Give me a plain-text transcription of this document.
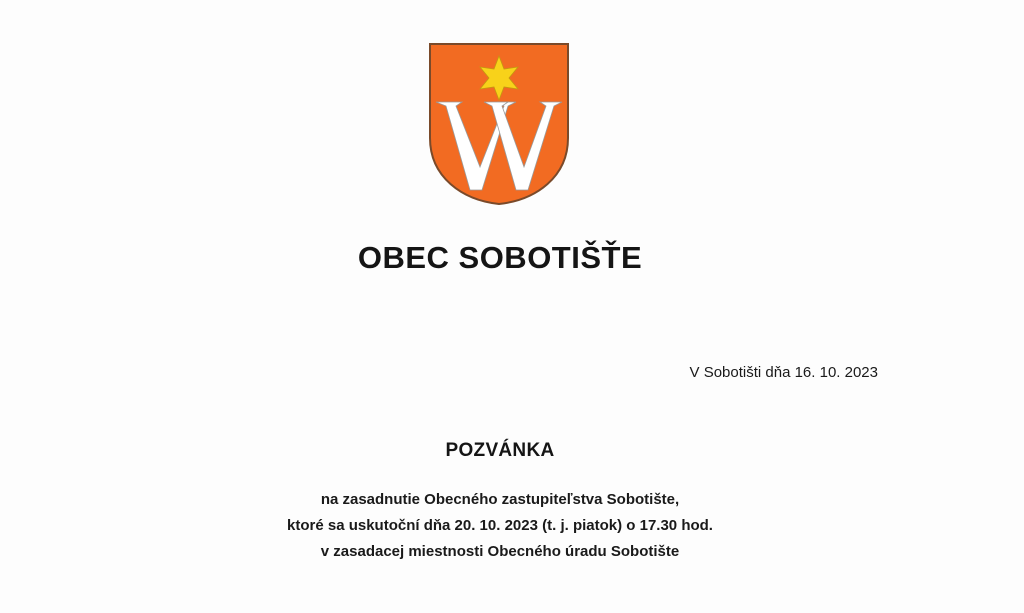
OBEC SOBOTIŠŤE
V Sobotišti dňa 16. 10. 2023
POZVÁNKA
na zasadnutie Obecného zastupiteľstva Sobotište,
ktoré sa uskutoční dňa 20. 10. 2023 (t. j. piatok) o 17.30 hod.
v zasadacej miestnosti Obecného úradu Sobotište
